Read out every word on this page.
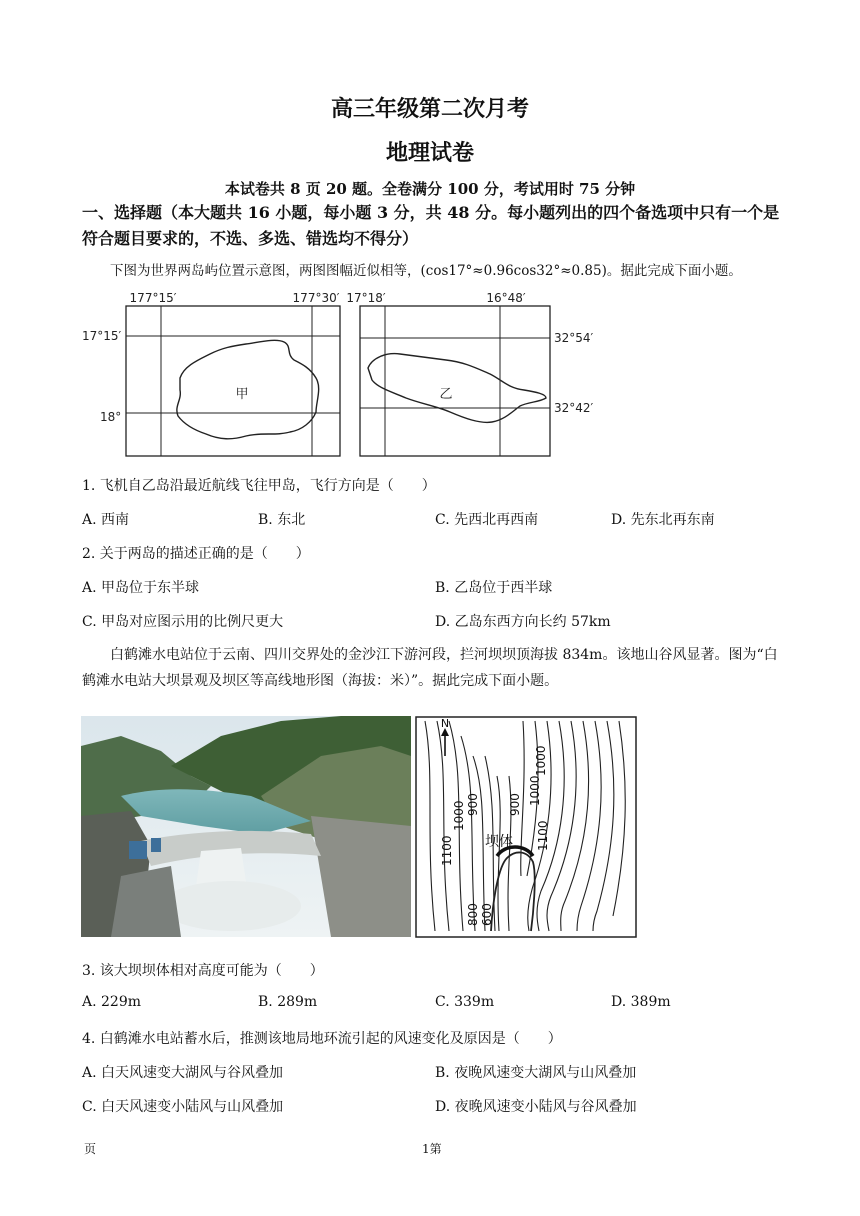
高三年级第二次月考
地理试卷
本试卷共 8 页 20 题。全卷满分 100 分，考试用时 75 分钟
一、选择题（本大题共 16 小题，每小题 3 分，共 48 分。每小题列出的四个备选项中只有一个是符合题目要求的，不选、多选、错选均不得分）
下图为世界两岛屿位置示意图，两图图幅近似相等，(cos17°≈0.96cos32°≈0.85)。据此完成下面小题。
甲
177°15′	177°30′
17°15′
18°
乙
17°18′	16°48′
32°54′
32°42′
1. 飞机自乙岛沿最近航线飞往甲岛，飞行方向是（　　）
A. 西南	B. 东北	C. 先西北再西南	D. 先东北再东南
2. 关于两岛的描述正确的是（　　）
A. 甲岛位于东半球	B. 乙岛位于西半球
C. 甲岛对应图示用的比例尺更大	D. 乙岛东西方向长约 57km
白鹤滩水电站位于云南、四川交界处的金沙江下游河段，拦河坝坝顶海拔 834m。该地山谷风显著。图为“白鹤滩水电站大坝景观及坝区等高线地形图（海拔：米）”。据此完成下面小题。
N
坝体
1000 900	1000
900
1000
1100	1100
800 600
3. 该大坝坝体相对高度可能为（　　）
A. 229m	B. 289m	C. 339m	D. 389m
4. 白鹤滩水电站蓄水后，推测该地局地环流引起的风速变化及原因是（　　）
A. 白天风速变大湖风与谷风叠加	B. 夜晚风速变大湖风与山风叠加
C. 白天风速变小陆风与山风叠加	D. 夜晚风速变小陆风与谷风叠加
页	1第
